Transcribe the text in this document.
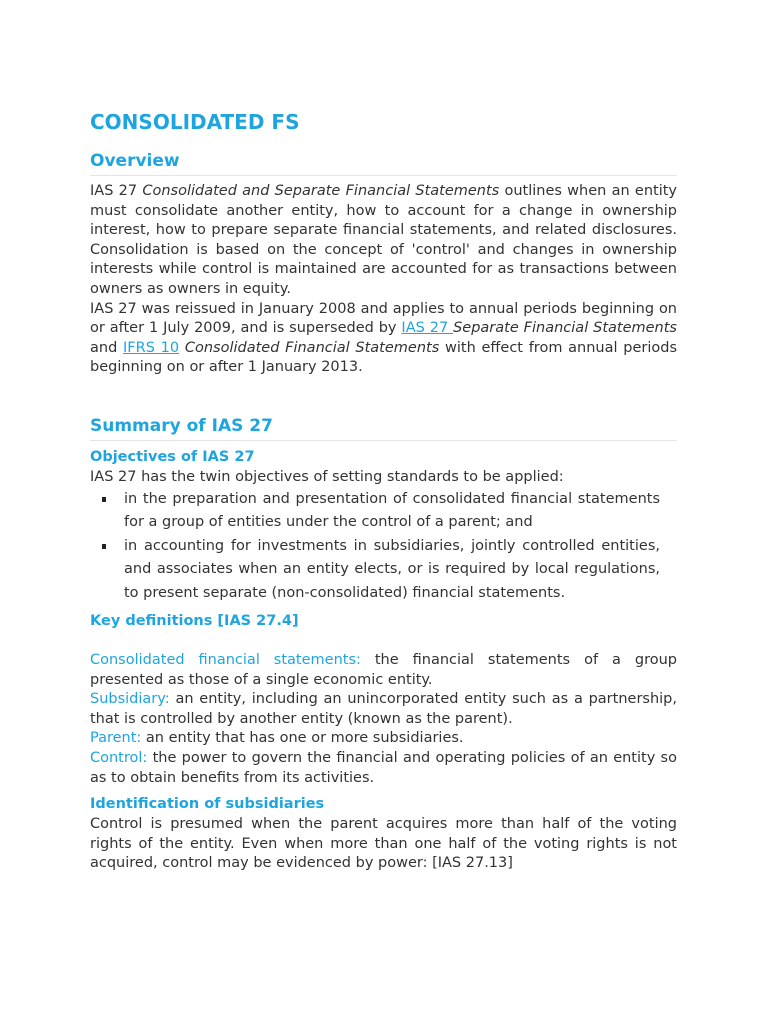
CONSOLIDATED FS
Overview

IAS 27 Consolidated and Separate Financial Statements outlines when an entity must consolidate another entity, how to account for a change in ownership interest, how to prepare separate financial statements, and related disclosures. Consolidation is based on the concept of 'control' and changes in ownership interests while control is maintained are accounted for as transactions between owners as owners in equity.

IAS 27 was reissued in January 2008 and applies to annual periods beginning on or after 1 July 2009, and is superseded by IAS 27 Separate Financial Statements and IFRS 10 Consolidated Financial Statements with effect from annual periods beginning on or after 1 January 2013.

Summary of IAS 27
Objectives of IAS 27

IAS 27 has the twin objectives of setting standards to be applied:

in the preparation and presentation of consolidated financial statements for a group of entities under the control of a parent; and
in accounting for investments in subsidiaries, jointly controlled entities, and associates when an entity elects, or is required by local regulations, to present separate (non-consolidated) financial statements.
Key definitions [IAS 27.4]

Consolidated financial statements: the financial statements of a group presented as those of a single economic entity.

Subsidiary: an entity, including an unincorporated entity such as a partnership, that is controlled by another entity (known as the parent).

Parent: an entity that has one or more subsidiaries.

Control: the power to govern the financial and operating policies of an entity so as to obtain benefits from its activities.

Identification of subsidiaries

Control is presumed when the parent acquires more than half of the voting rights of the entity. Even when more than one half of the voting rights is not acquired, control may be evidenced by power: [IAS 27.13]
